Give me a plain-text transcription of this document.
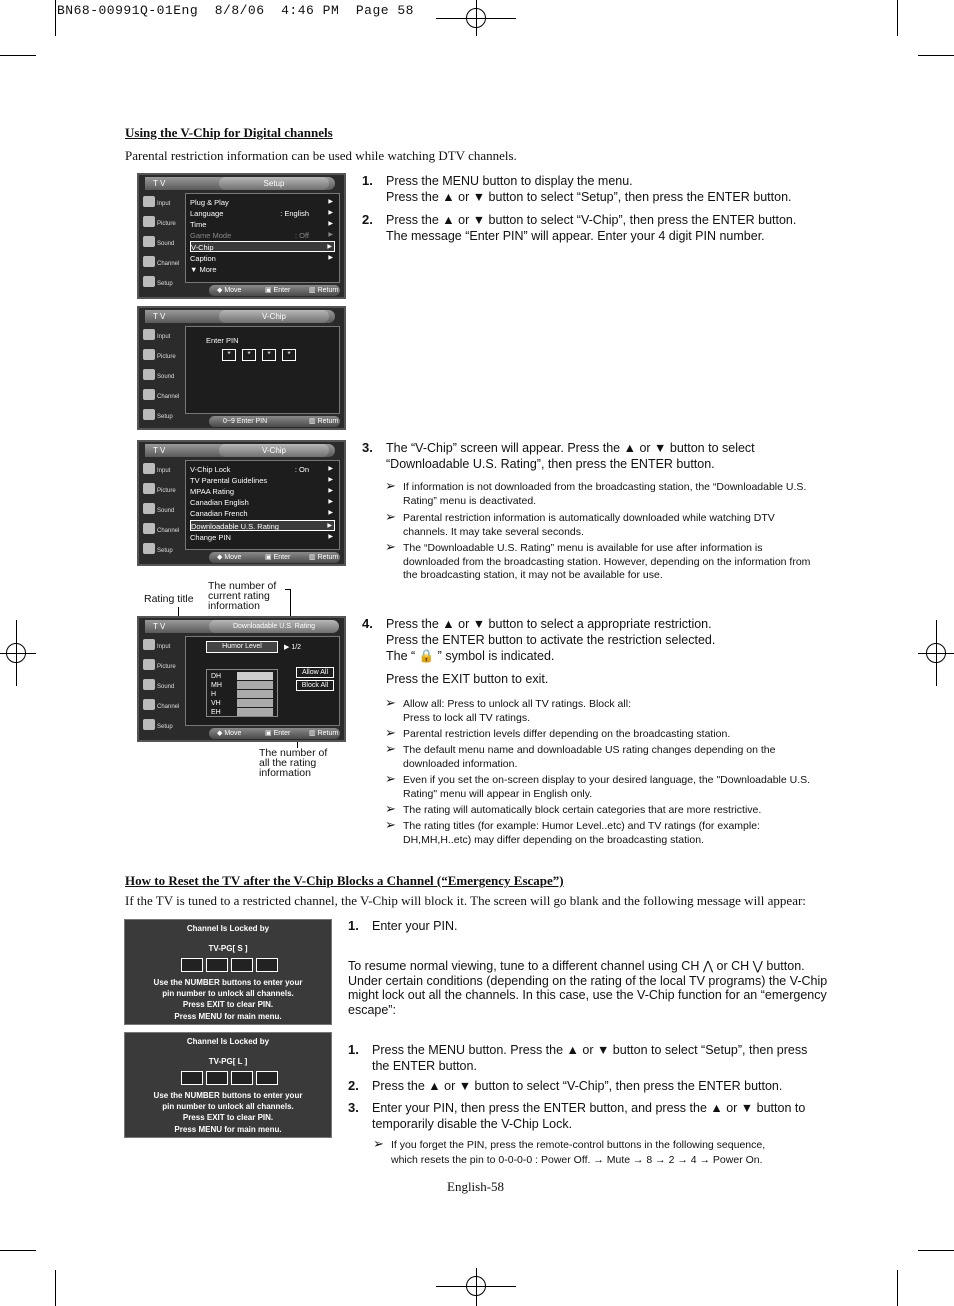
BN68-00991Q-01Eng  8/8/06  4:46 PM  Page 58
Using the V-Chip for Digital channels
Parental restriction information can be used while watching DTV channels.
T V	Setup
Input
Picture
Sound
Channel
Setup
Plug & Play	▶
Language	: English	▶
Time	▶
Game Mode	: Off	▶
V-Chip	▶
Caption	▶
▼ More
◆ Move	▣ Enter	▥ Return
T V	V-Chip
Input
Picture
Sound
Channel
Setup
Enter PIN
*	*	*	*
0~9 Enter PIN	▥ Return
T V	V-Chip
Input
Picture
Sound
Channel
Setup
V-Chip Lock	: On	▶
TV Parental Guidelines	▶
MPAA Rating	▶
Canadian English	▶
Canadian French	▶
Downloadable U.S. Rating	▶
Change PIN	▶
◆ Move	▣ Enter	▥ Return
Rating title
The number of
current rating
information
T V	Downloadable U.S. Rating
Input
Picture
Sound
Channel
Setup
Humor Level	▶ 1/2
DH
MH
H
VH
EH
Allow All
Block All
◆ Move	▣ Enter	▥ Return
The number of
all the rating
information
1. Press the MENU button to display the menu.
Press the ▲ or ▼ button to select “Setup”, then press the ENTER button.
2. Press the ▲ or ▼ button to select “V-Chip”, then press the ENTER button.
The message “Enter PIN” will appear. Enter your 4 digit PIN number.
3. The “V-Chip” screen will appear. Press the ▲ or ▼ button to select
“Downloadable U.S. Rating”, then press the ENTER button.
➢ If information is not downloaded from the broadcasting station, the “Downloadable U.S. Rating” menu is deactivated.
➢ Parental restriction information is automatically downloaded while watching DTV channels. It may take several seconds.
➢ The “Downloadable U.S. Rating” menu is available for use after information is downloaded from the broadcasting station. However, depending on the information from the broadcasting station, it may not be available for use.
4. Press the ▲ or ▼ button to select a appropriate restriction.
Press the ENTER button to activate the restriction selected.
The “ 🔒 ” symbol is indicated.
Press the EXIT button to exit.
➢ Allow all: Press to unlock all TV ratings. Block all: Press to lock all TV ratings.
➢ Parental restriction levels differ depending on the broadcasting station.
➢ The default menu name and downloadable US rating changes depending on the downloaded information.
➢ Even if you set the on-screen display to your desired language, the "Downloadable U.S. Rating" menu will appear in English only.
➢ The rating will automatically block certain categories that are more restrictive.
➢ The rating titles (for example: Humor Level..etc) and TV ratings (for example: DH,MH,H..etc) may differ depending on the broadcasting station.
How to Reset the TV after the V-Chip Blocks a Channel (“Emergency Escape”)
If the TV is tuned to a restricted channel, the V-Chip will block it. The screen will go blank and the following message will appear:
Channel Is Locked by
TV-PG[ S ]
Use the NUMBER buttons to enter your
pin number to unlock all channels.
Press EXIT to clear PIN.
Press MENU for main menu.
Channel Is Locked by
TV-PG[ L ]
Use the NUMBER buttons to enter your
pin number to unlock all channels.
Press EXIT to clear PIN.
Press MENU for main menu.
1. Enter your PIN.
To resume normal viewing, tune to a different channel using CH ⋀ or CH ⋁ button.
Under certain conditions (depending on the rating of the local TV programs) the V-Chip
might lock out all the channels. In this case, use the V-Chip function for an “emergency
escape”:
1. Press the MENU button. Press the ▲ or ▼ button to select “Setup”, then press
the ENTER button.
2. Press the ▲ or ▼ button to select “V-Chip”, then press the ENTER button.
3. Enter your PIN, then press the ENTER button, and press the ▲ or ▼ button to
temporarily disable the V-Chip Lock.
➢ If you forget the PIN, press the remote-control buttons in the following sequence,
which resets the pin to 0-0-0-0 : Power Off. → Mute → 8 → 2 → 4 → Power On.
English-58
